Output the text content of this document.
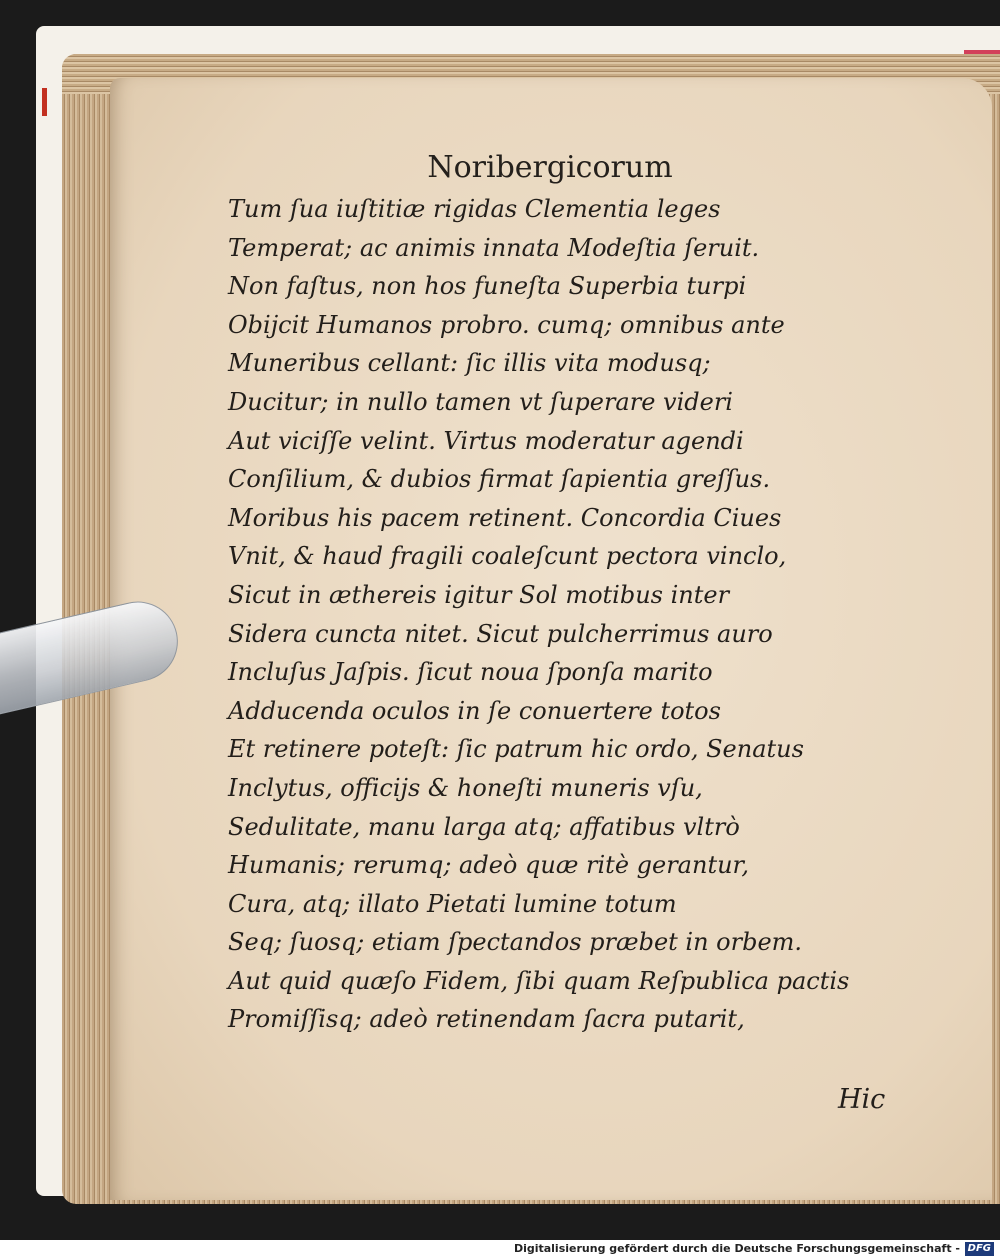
Noribergicorum
Tum ſua iuſtitiæ rigidas Clementia leges
Temperat; ac animis innata Modeſtia ſeruit.
Non faſtus, non hos funeſta Superbia turpi
Obijcit Humanos probro. cumq; omnibus ante
Muneribus cellant: ſic illis vita modusq;
Ducitur; in nullo tamen vt ſuperare videri
Aut viciſſe velint. Virtus moderatur agendi
Conſilium, & dubios firmat ſapientia greſſus.
Moribus his pacem retinent. Concordia Ciues
Vnit, & haud fragili coaleſcunt pectora vinclo,
Sicut in æthereis igitur Sol motibus inter
Sidera cuncta nitet. Sicut pulcherrimus auro
Incluſus Jaſpis. ſicut noua ſponſa marito
Adducenda oculos in ſe conuertere totos
Et retinere poteſt: ſic patrum hic ordo, Senatus
Inclytus, officijs & honeſti muneris vſu,
Sedulitate, manu larga atq; affatibus vltrò
Humanis; rerumq; adeò quæ ritè gerantur,
Cura, atq; illato Pietati lumine totum
Seq; ſuosq; etiam ſpectandos præbet in orbem.
Aut quid quæſo Fidem, ſibi quam Reſpublica pactis
Promiſſisq; adeò retinendam ſacra putarit,
Hic
Digitalisierung gefördert durch die Deutsche Forschungsgemeinschaft - DFG
